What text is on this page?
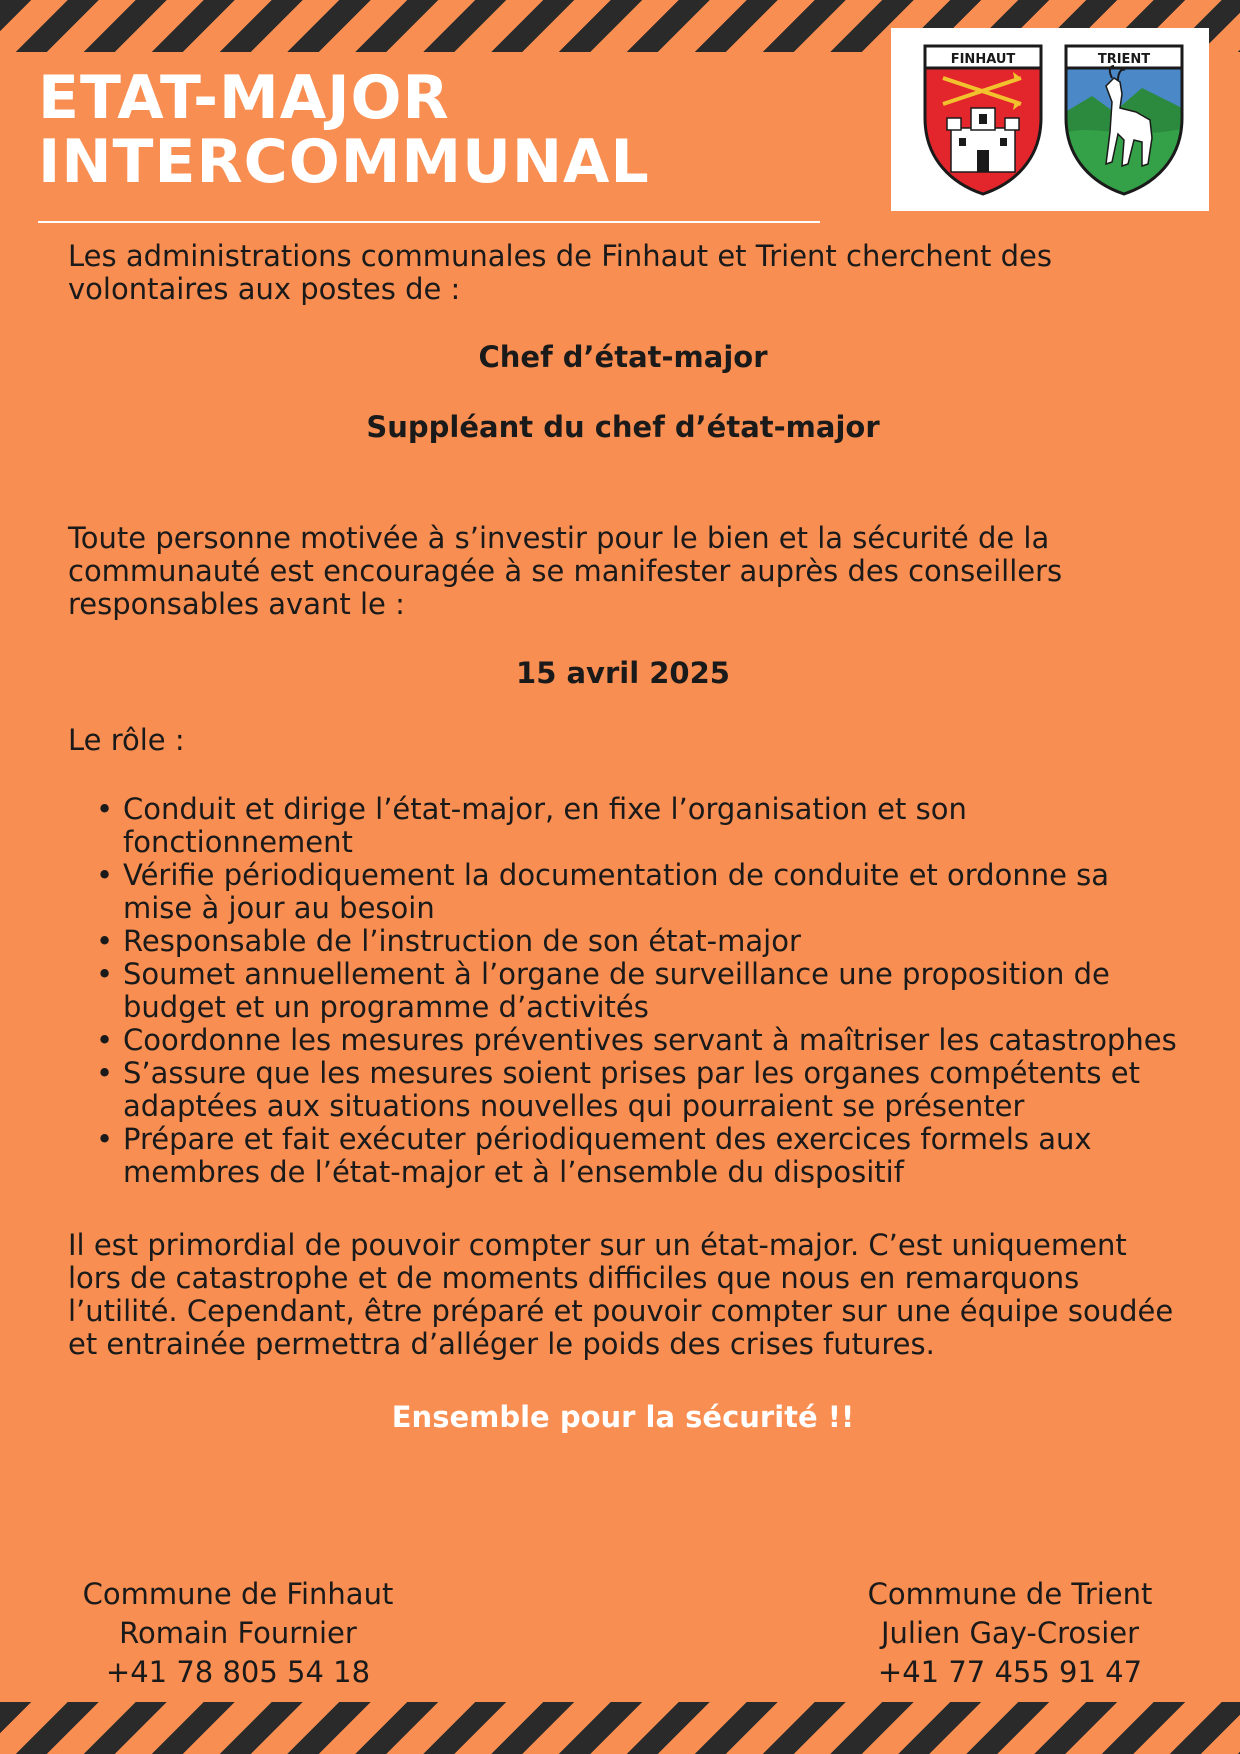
ETAT-MAJOR
INTERCOMMUNAL
FINHAUT	TRIENT

Les administrations communales de Finhaut et Trient cherchent des volontaires aux postes de :

Chef d’état-major

Suppléant du chef d’état-major

Toute personne motivée à s’investir pour le bien et la sécurité de la communauté est encouragée à se manifester auprès des conseillers responsables avant le :

15 avril 2025

Le rôle :

• Conduit et dirige l’état-major, en fixe l’organisation et son fonctionnement
• Vérifie périodiquement la documentation de conduite et ordonne sa mise à jour au besoin
• Responsable de l’instruction de son état-major
• Soumet annuellement à l’organe de surveillance une proposition de budget et un programme d’activités
• Coordonne les mesures préventives servant à maîtriser les catastrophes
• S’assure que les mesures soient prises par les organes compétents et adaptées aux situations nouvelles qui pourraient se présenter
• Prépare et fait exécuter périodiquement des exercices formels aux membres de l’état-major et à l’ensemble du dispositif

Il est primordial de pouvoir compter sur un état-major. C’est uniquement lors de catastrophe et de moments difficiles que nous en remarquons l’utilité. Cependant, être préparé et pouvoir compter sur une équipe soudée et entrainée permettra d’alléger le poids des crises futures.

Ensemble pour la sécurité !!

Commune de Finhaut
Romain Fournier
+41 78 805 54 18
Commune de Trient
Julien Gay-Crosier
+41 77 455 91 47
